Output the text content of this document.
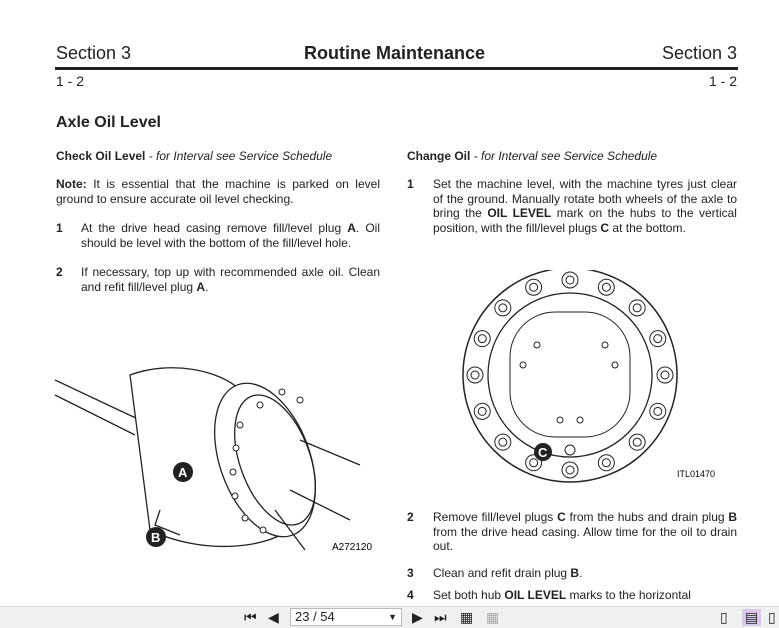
Section 3	Routine Maintenance	Section 3
1 - 2	1 - 2
Axle Oil Level
Check Oil Level - for Interval see Service Schedule
Note: It is essential that the machine is parked on level ground to ensure accurate oil level checking.
1 At the drive head casing remove fill/level plug A. Oil should be level with the bottom of the fill/level hole.
2 If necessary, top up with recommended axle oil. Clean and refit fill/level plug A.
Change Oil - for Interval see Service Schedule
1 Set the machine level, with the machine tyres just clear of the ground. Manually rotate both wheels of the axle to bring the OIL LEVEL mark on the hubs to the vertical position, with the fill/level plugs C at the bottom.
2 Remove fill/level plugs C from the hubs and drain plug B from the drive head casing. Allow time for the oil to drain out.
3 Clean and refit drain plug B.
4 Set both hub OIL LEVEL marks to the horizontal
A
B
A272120
C
ITL01470
⏮ ◀	23 / 54	▼ ▶ ⏭ ▦ ▦	▯ ▤ ▯
